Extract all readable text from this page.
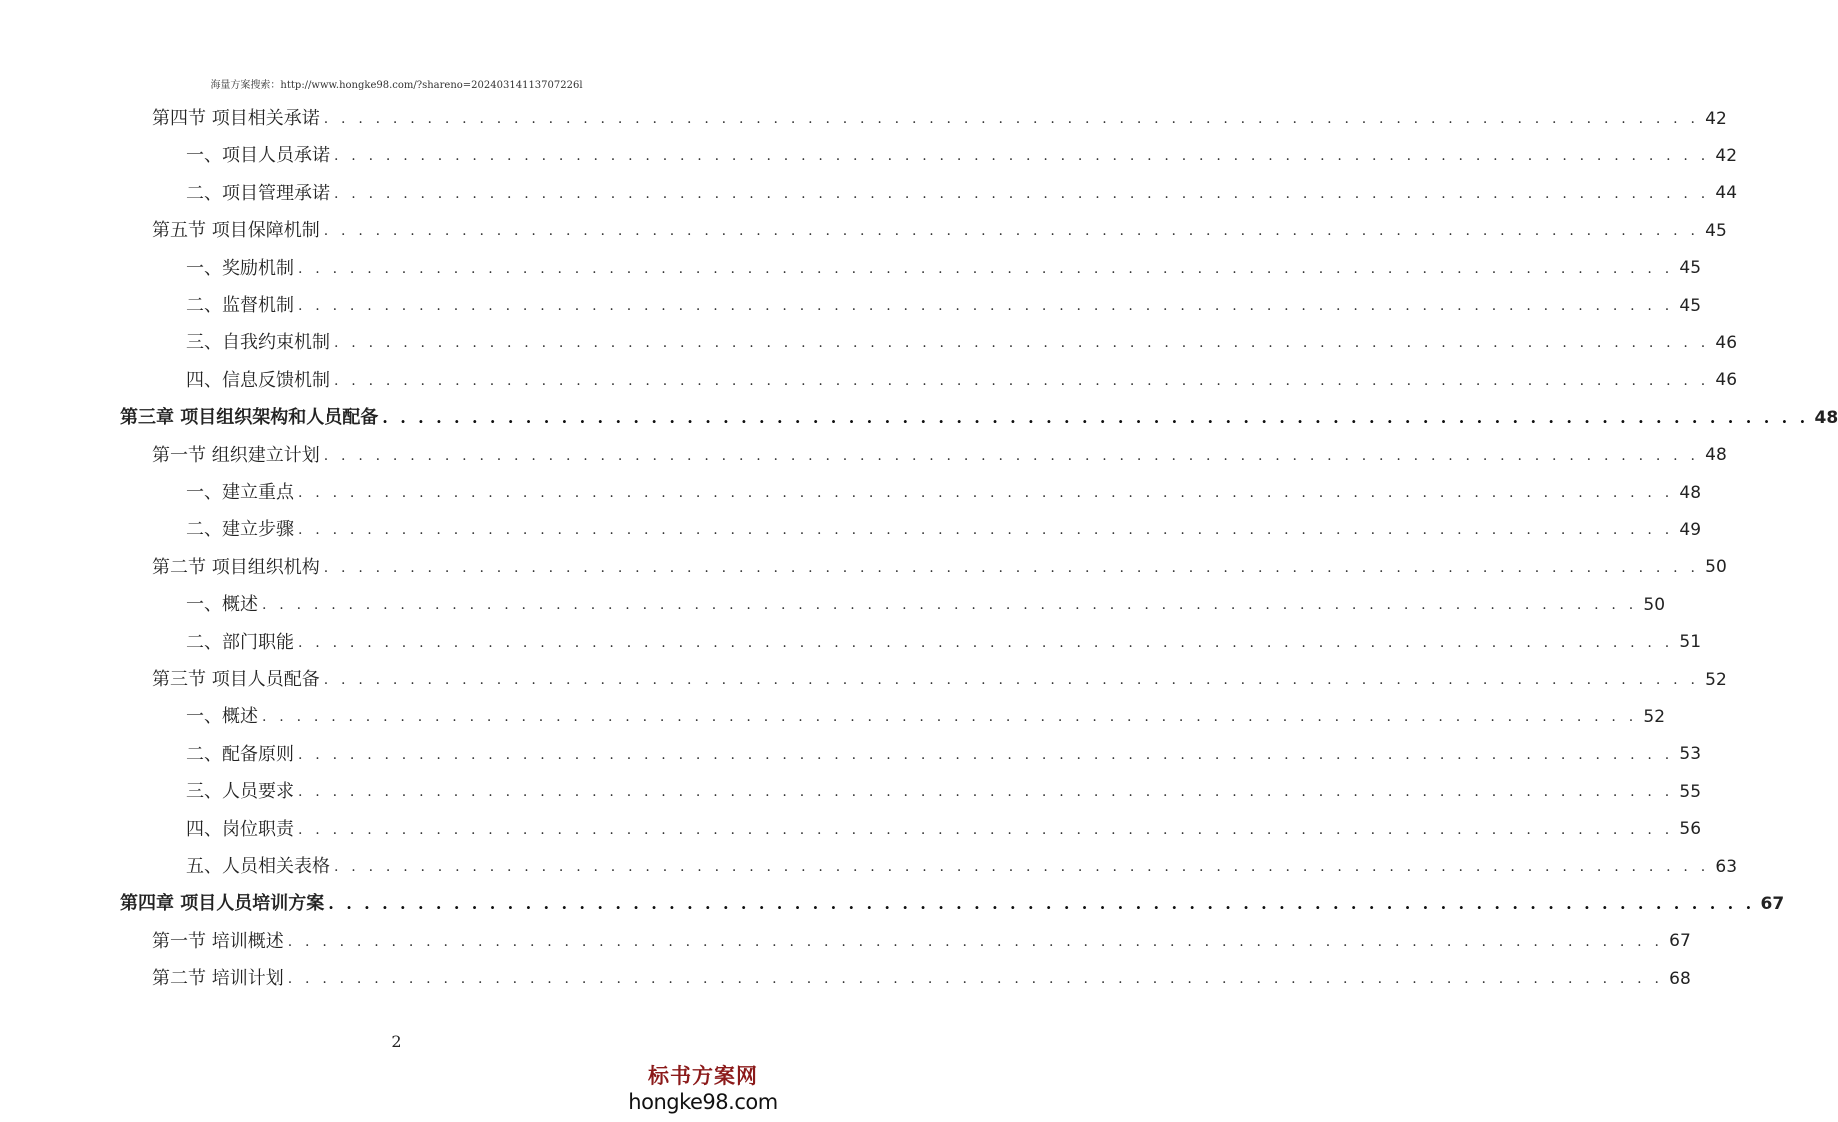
海量方案搜索：http://www.hongke98.com/?shareno=20240314113707226l
第四节 项目相关承诺 . . . . . . . . . . . . . . . . . . . . . . . . . . . . . . . . . . . . . . . . . . . . . . . . . . . . . . . . . . . . . . . . . . . . . . . . . . . . . . . . 42
一、项目人员承诺 . . . . . . . . . . . . . . . . . . . . . . . . . . . . . . . . . . . . . . . . . . . . . . . . . . . . . . . . . . . . . . . . . . . . . . . . . . . . . . . . 42
二、项目管理承诺 . . . . . . . . . . . . . . . . . . . . . . . . . . . . . . . . . . . . . . . . . . . . . . . . . . . . . . . . . . . . . . . . . . . . . . . . . . . . . . . . 44
第五节 项目保障机制 . . . . . . . . . . . . . . . . . . . . . . . . . . . . . . . . . . . . . . . . . . . . . . . . . . . . . . . . . . . . . . . . . . . . . . . . . . . . . . . . 45
一、奖励机制 . . . . . . . . . . . . . . . . . . . . . . . . . . . . . . . . . . . . . . . . . . . . . . . . . . . . . . . . . . . . . . . . . . . . . . . . . . . . . . . . 45
二、监督机制 . . . . . . . . . . . . . . . . . . . . . . . . . . . . . . . . . . . . . . . . . . . . . . . . . . . . . . . . . . . . . . . . . . . . . . . . . . . . . . . . 45
三、自我约束机制 . . . . . . . . . . . . . . . . . . . . . . . . . . . . . . . . . . . . . . . . . . . . . . . . . . . . . . . . . . . . . . . . . . . . . . . . . . . . . . . . 46
四、信息反馈机制 . . . . . . . . . . . . . . . . . . . . . . . . . . . . . . . . . . . . . . . . . . . . . . . . . . . . . . . . . . . . . . . . . . . . . . . . . . . . . . . . 46
第三章 项目组织架构和人员配备 . . . . . . . . . . . . . . . . . . . . . . . . . . . . . . . . . . . . . . . . . . . . . . . . . . . . . . . . . . . . . . . . . . . . . . . . . . . . . . . . 48
第一节 组织建立计划 . . . . . . . . . . . . . . . . . . . . . . . . . . . . . . . . . . . . . . . . . . . . . . . . . . . . . . . . . . . . . . . . . . . . . . . . . . . . . . . . 48
一、建立重点 . . . . . . . . . . . . . . . . . . . . . . . . . . . . . . . . . . . . . . . . . . . . . . . . . . . . . . . . . . . . . . . . . . . . . . . . . . . . . . . . 48
二、建立步骤 . . . . . . . . . . . . . . . . . . . . . . . . . . . . . . . . . . . . . . . . . . . . . . . . . . . . . . . . . . . . . . . . . . . . . . . . . . . . . . . . 49
第二节 项目组织机构 . . . . . . . . . . . . . . . . . . . . . . . . . . . . . . . . . . . . . . . . . . . . . . . . . . . . . . . . . . . . . . . . . . . . . . . . . . . . . . . . 50
一、概述 . . . . . . . . . . . . . . . . . . . . . . . . . . . . . . . . . . . . . . . . . . . . . . . . . . . . . . . . . . . . . . . . . . . . . . . . . . . . . . . . 50
二、部门职能 . . . . . . . . . . . . . . . . . . . . . . . . . . . . . . . . . . . . . . . . . . . . . . . . . . . . . . . . . . . . . . . . . . . . . . . . . . . . . . . . 51
第三节 项目人员配备 . . . . . . . . . . . . . . . . . . . . . . . . . . . . . . . . . . . . . . . . . . . . . . . . . . . . . . . . . . . . . . . . . . . . . . . . . . . . . . . . 52
一、概述 . . . . . . . . . . . . . . . . . . . . . . . . . . . . . . . . . . . . . . . . . . . . . . . . . . . . . . . . . . . . . . . . . . . . . . . . . . . . . . . . 52
二、配备原则 . . . . . . . . . . . . . . . . . . . . . . . . . . . . . . . . . . . . . . . . . . . . . . . . . . . . . . . . . . . . . . . . . . . . . . . . . . . . . . . . 53
三、人员要求 . . . . . . . . . . . . . . . . . . . . . . . . . . . . . . . . . . . . . . . . . . . . . . . . . . . . . . . . . . . . . . . . . . . . . . . . . . . . . . . . 55
四、岗位职责 . . . . . . . . . . . . . . . . . . . . . . . . . . . . . . . . . . . . . . . . . . . . . . . . . . . . . . . . . . . . . . . . . . . . . . . . . . . . . . . . 56
五、人员相关表格 . . . . . . . . . . . . . . . . . . . . . . . . . . . . . . . . . . . . . . . . . . . . . . . . . . . . . . . . . . . . . . . . . . . . . . . . . . . . . . . . 63
第四章 项目人员培训方案 . . . . . . . . . . . . . . . . . . . . . . . . . . . . . . . . . . . . . . . . . . . . . . . . . . . . . . . . . . . . . . . . . . . . . . . . . . . . . . . . 67
第一节 培训概述 . . . . . . . . . . . . . . . . . . . . . . . . . . . . . . . . . . . . . . . . . . . . . . . . . . . . . . . . . . . . . . . . . . . . . . . . . . . . . . . . 67
第二节 培训计划 . . . . . . . . . . . . . . . . . . . . . . . . . . . . . . . . . . . . . . . . . . . . . . . . . . . . . . . . . . . . . . . . . . . . . . . . . . . . . . . . 68
2
标书方案网
hongke98.com
